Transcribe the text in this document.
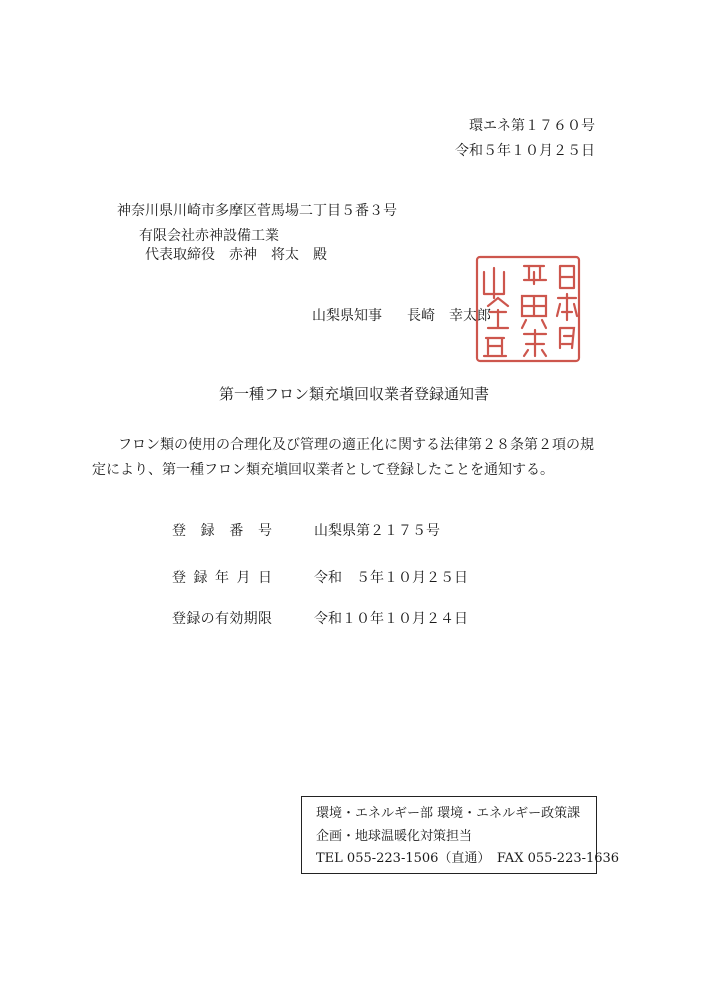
環エネ第１７６０号
令和５年１０月２５日
神奈川県川崎市多摩区菅馬場二丁目５番３号
有限会社赤神設備工業
代表取締役　赤神　将太　殿
山梨県知事 長崎　幸太郎
第一種フロン類充塡回収業者登録通知書
フロン類の使用の合理化及び管理の適正化に関する法律第２８条第２項の規
定により、第一種フロン類充塡回収業者として登録したことを通知する。
登録番号	山梨県第２１７５号
登録年月日	令和　５年１０月２５日
登録の有効期限	令和１０年１０月２４日
環境・エネルギー部 環境・エネルギー政策課
企画・地球温暖化対策担当
TEL 055-223-1506（直通）　FAX 055-223-1636
